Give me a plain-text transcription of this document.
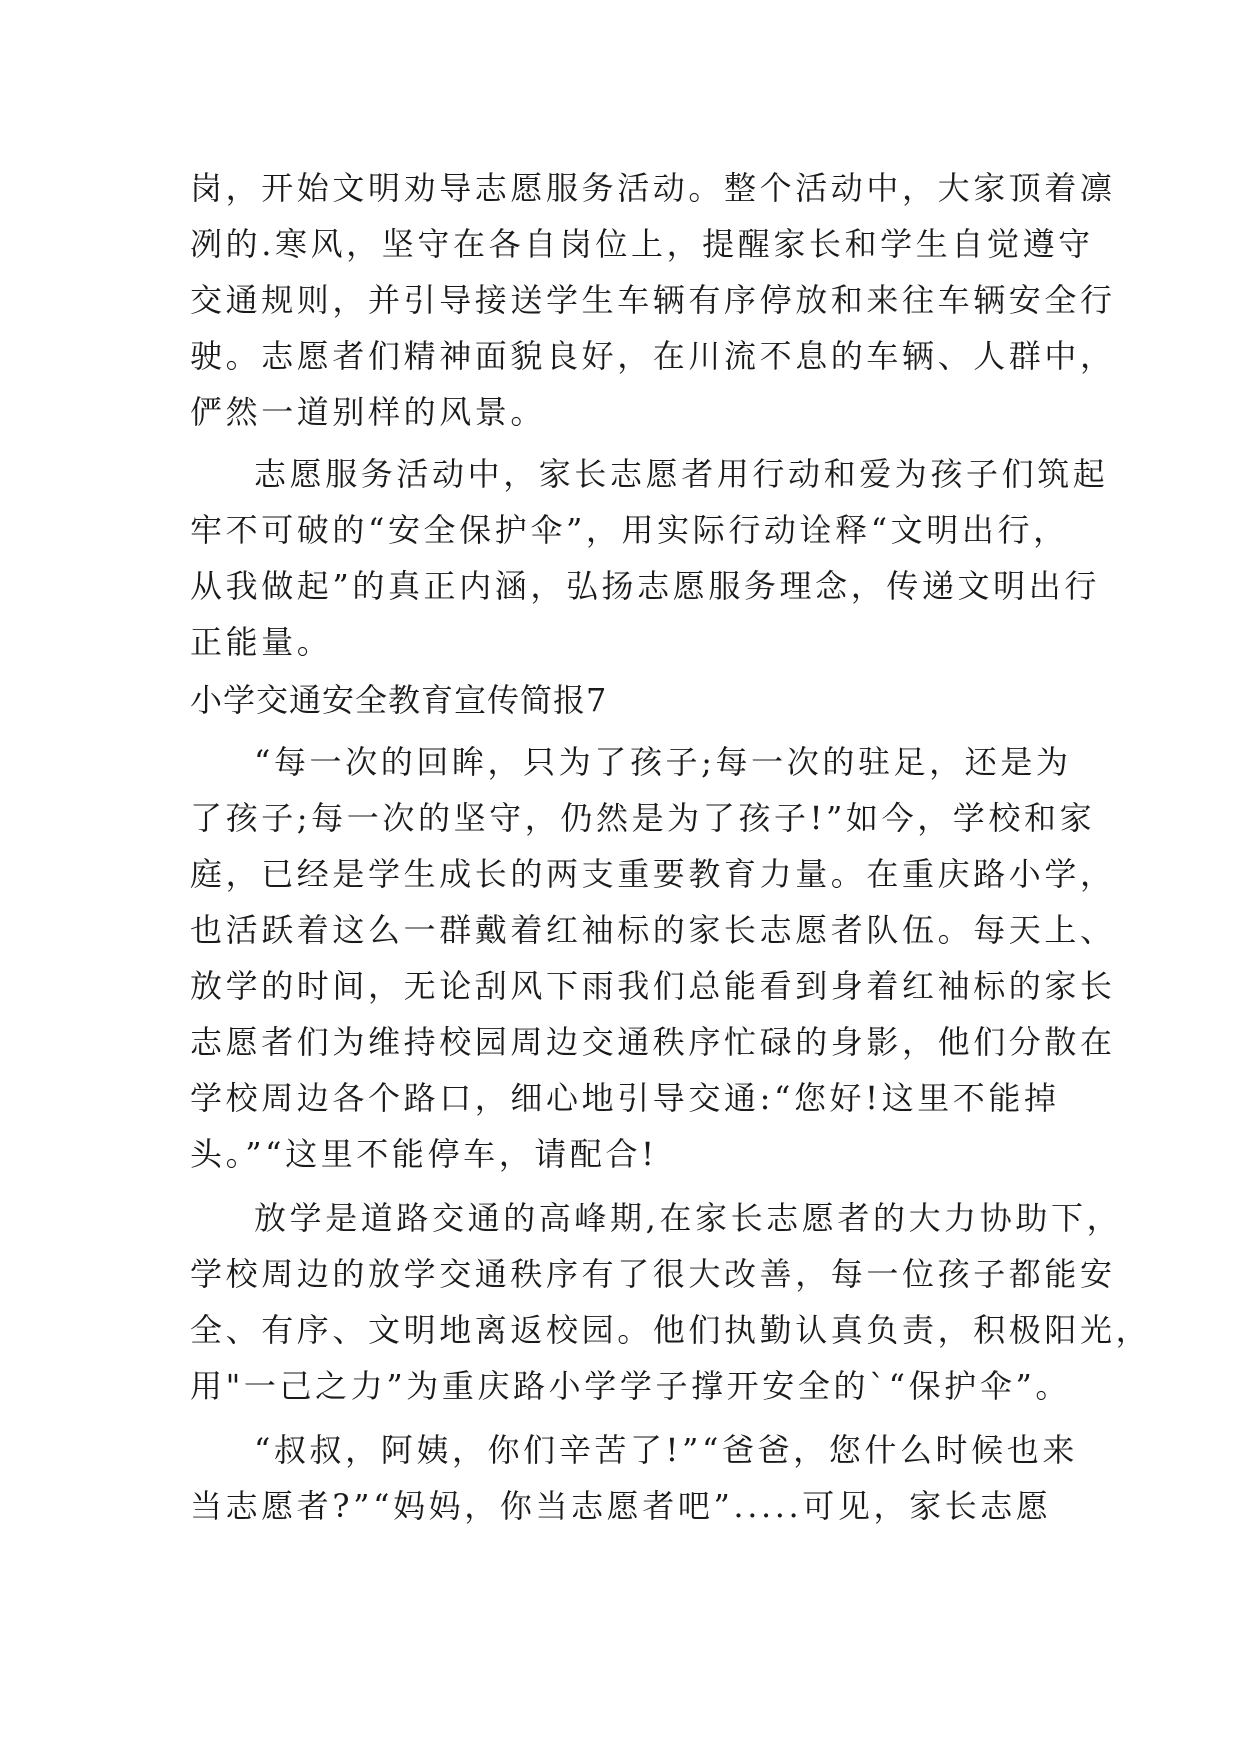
岗，开始文明劝导志愿服务活动。整个活动中，大家顶着凛
冽的.寒风，坚守在各自岗位上，提醒家长和学生自觉遵守
交通规则，并引导接送学生车辆有序停放和来往车辆安全行
驶。志愿者们精神面貌良好，在川流不息的车辆、人群中，
俨然一道别样的风景。
志愿服务活动中，家长志愿者用行动和爱为孩子们筑起
牢不可破的“安全保护伞”，用实际行动诠释“文明出行，
从我做起”的真正内涵，弘扬志愿服务理念，传递文明出行
正能量。
小学交通安全教育宣传简报7
“每一次的回眸，只为了孩子;每一次的驻足，还是为
了孩子;每一次的坚守，仍然是为了孩子!”如今，学校和家
庭，已经是学生成长的两支重要教育力量。在重庆路小学，
也活跃着这么一群戴着红袖标的家长志愿者队伍。每天上、
放学的时间，无论刮风下雨我们总能看到身着红袖标的家长
志愿者们为维持校园周边交通秩序忙碌的身影，他们分散在
学校周边各个路口，细心地引导交通:“您好!这里不能掉
头。”“这里不能停车，请配合!
放学是道路交通的高峰期,在家长志愿者的大力协助下，
学校周边的放学交通秩序有了很大改善，每一位孩子都能安
全、有序、文明地离返校园。他们执勤认真负责，积极阳光，
用"一己之力”为重庆路小学学子撑开安全的`“保护伞”。
“叔叔，阿姨，你们辛苦了!”“爸爸，您什么时候也来
当志愿者?”“妈妈，你当志愿者吧”.....可见，家长志愿
